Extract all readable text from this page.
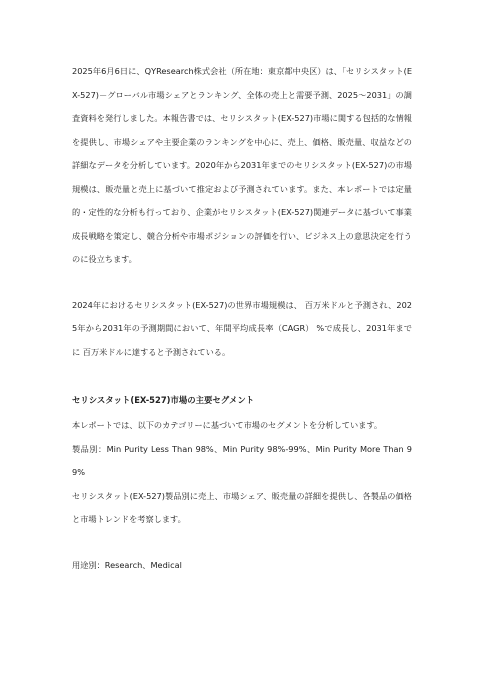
2025年6月6日に、QYResearch株式会社（所在地：東京都中央区）は、「セリシスタット(EX-527)－グローバル市場シェアとランキング、全体の売上と需要予測、2025～2031」の調査資料を発行しました。本報告書では、セリシスタット(EX-527)市場に関する包括的な情報を提供し、市場シェアや主要企業のランキングを中心に、売上、価格、販売量、収益などの詳細なデータを分析しています。2020年から2031年までのセリシスタット(EX-527)の市場規模は、販売量と売上に基づいて推定および予測されています。また、本レポートでは定量的・定性的な分析も行っており、企業がセリシスタット(EX-527)関連データに基づいて事業成長戦略を策定し、競合分析や市場ポジションの評価を行い、ビジネス上の意思決定を行うのに役立ちます。

2024年におけるセリシスタット(EX-527)の世界市場規模は、 百万米ドルと予測され、2025年から2031年の予測期間において、年間平均成長率（CAGR） %で成長し、2031年までに 百万米ドルに達すると予測されている。

セリシスタット(EX-527)市場の主要セグメント

本レポートでは、以下のカテゴリーに基づいて市場のセグメントを分析しています。

製品別：Min Purity Less Than 98%、Min Purity 98%-99%、Min Purity More Than 99%

セリシスタット(EX-527)製品別に売上、市場シェア、販売量の詳細を提供し、各製品の価格と市場トレンドを考察します。

用途別：Research、Medical
